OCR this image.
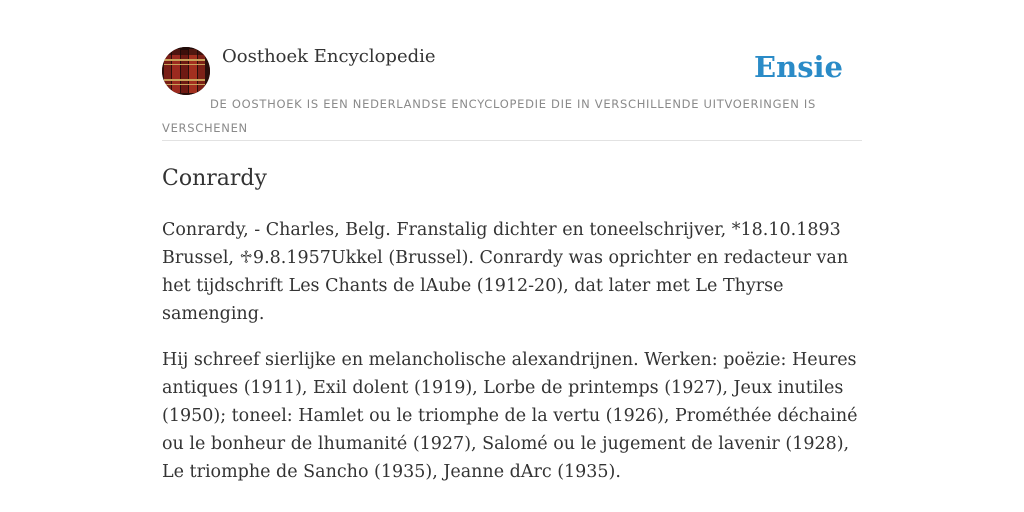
Oosthoek Encyclopedie	Ensie
DE OOSTHOEK IS EEN NEDERLANDSE ENCYCLOPEDIE DIE IN VERSCHILLENDE UITVOERINGEN IS VERSCHENEN
Conrardy

Conrardy, - Charles, Belg. Franstalig dichter en toneelschrijver, *18.10.1893 Brussel, ♱9.8.1957Ukkel (Brussel). Conrardy was oprichter en redacteur van het tijdschrift Les Chants de lAube (1912-20), dat later met Le Thyrse samenging.

Hij schreef sierlijke en melancholische alexandrijnen. Werken: poëzie: Heures antiques (1911), Exil dolent (1919), Lorbe de printemps (1927), Jeux inutiles (1950); toneel: Hamlet ou le triomphe de la vertu (1926), Prométhée déchainé ou le bonheur de lhumanité (1927), Salomé ou le jugement de lavenir (1928), Le triomphe de Sancho (1935), Jeanne dArc (1935).
